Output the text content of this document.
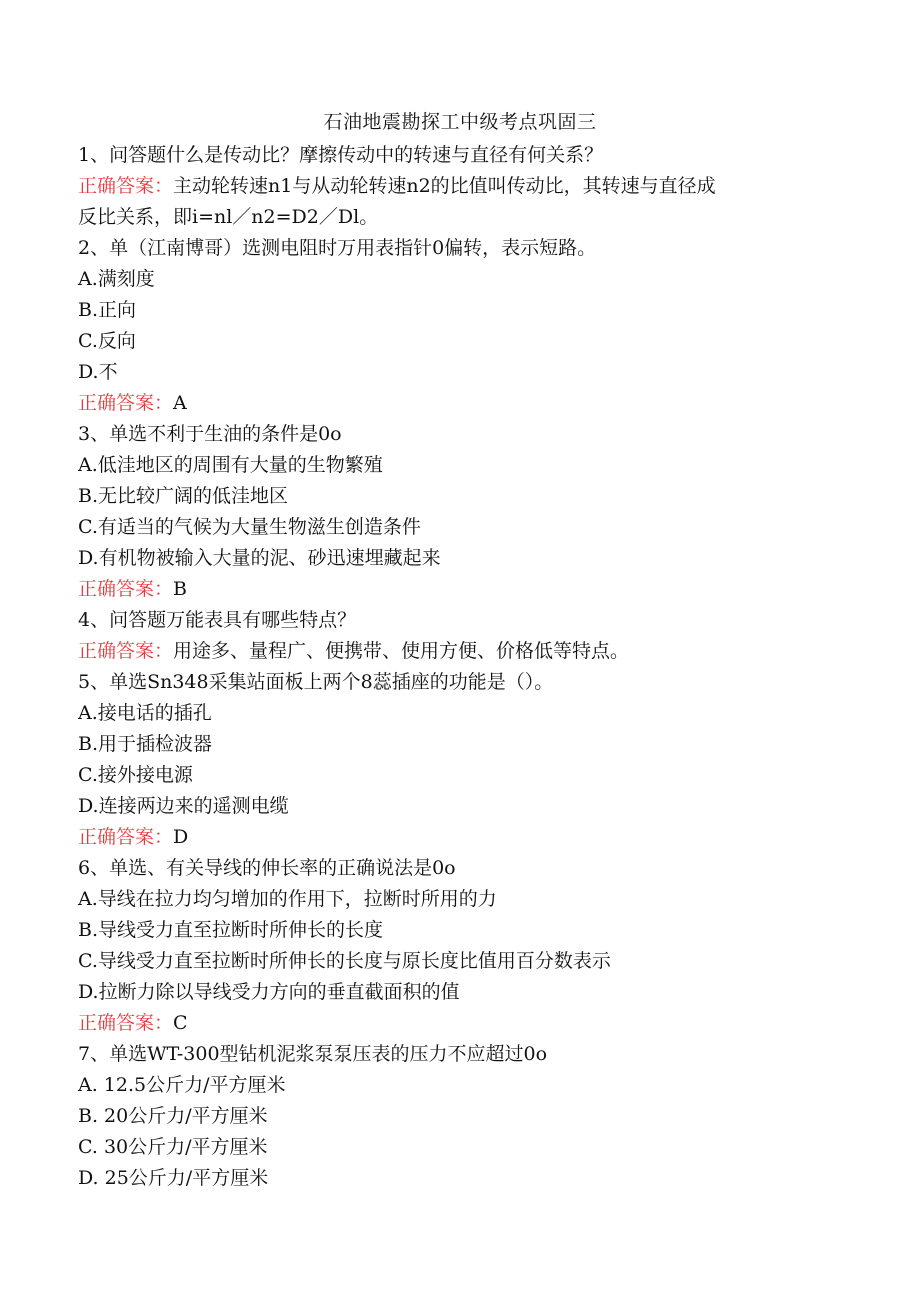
石油地震勘探工中级考点巩固三
1、问答题什么是传动比？摩擦传动中的转速与直径有何关系？
正确答案：主动轮转速n1与从动轮转速n2的比值叫传动比，其转速与直径成
反比关系，即i=nl／n2=D2／Dl。
2、单（江南博哥）选测电阻时万用表指针0偏转，表示短路。
A.满刻度
B.正向
C.反向
D.不
正确答案：A
3、单选不利于生油的条件是0o
A.低洼地区的周围有大量的生物繁殖
B.无比较广阔的低洼地区
C.有适当的气候为大量生物滋生创造条件
D.有机物被输入大量的泥、砂迅速埋藏起来
正确答案：B
4、问答题万能表具有哪些特点？
正确答案：用途多、量程广、便携带、使用方便、价格低等特点。
5、单选Sn348采集站面板上两个8蕊插座的功能是（）。
A.接电话的插孔
B.用于插检波器
C.接外接电源
D.连接两边来的遥测电缆
正确答案：D
6、单选、有关导线的伸长率的正确说法是0o
A.导线在拉力均匀增加的作用下，拉断时所用的力
B.导线受力直至拉断时所伸长的长度
C.导线受力直至拉断时所伸长的长度与原长度比值用百分数表示
D.拉断力除以导线受力方向的垂直截面积的值
正确答案：C
7、单选WT-300型钻机泥浆泵泵压表的压力不应超过0o
A. 12.5公斤力/平方厘米
B. 20公斤力/平方厘米
C. 30公斤力/平方厘米
D. 25公斤力/平方厘米
